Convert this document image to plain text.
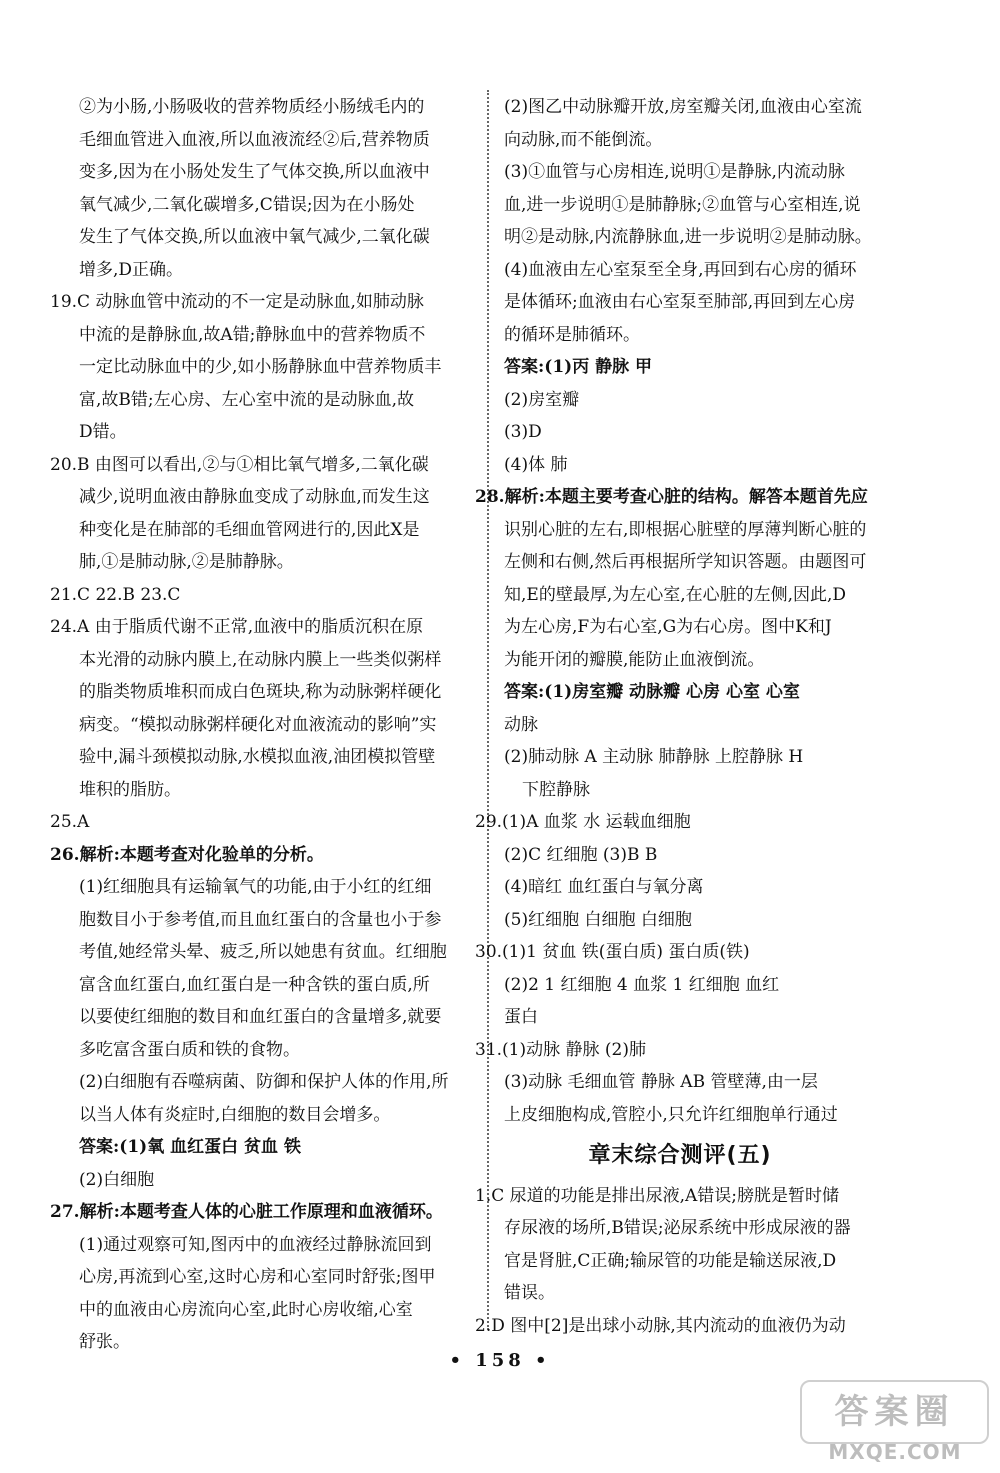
②为小肠,小肠吸收的营养物质经小肠绒毛内的
毛细血管进入血液,所以血液流经②后,营养物质
变多,因为在小肠处发生了气体交换,所以血液中
氧气减少,二氧化碳增多,C错误;因为在小肠处
发生了气体交换,所以血液中氧气减少,二氧化碳
增多,D正确。
19.C 动脉血管中流动的不一定是动脉血,如肺动脉
中流的是静脉血,故A错;静脉血中的营养物质不
一定比动脉血中的少,如小肠静脉血中营养物质丰
富,故B错;左心房、左心室中流的是动脉血,故
D错。
20.B 由图可以看出,②与①相比氧气增多,二氧化碳
减少,说明血液由静脉血变成了动脉血,而发生这
种变化是在肺部的毛细血管网进行的,因此X是
肺,①是肺动脉,②是肺静脉。
21.C 22.B 23.C
24.A 由于脂质代谢不正常,血液中的脂质沉积在原
本光滑的动脉内膜上,在动脉内膜上一些类似粥样
的脂类物质堆积而成白色斑块,称为动脉粥样硬化
病变。“模拟动脉粥样硬化对血液流动的影响”实
验中,漏斗颈模拟动脉,水模拟血液,油团模拟管壁
堆积的脂肪。
25.A
26.解析:本题考查对化验单的分析。
(1)红细胞具有运输氧气的功能,由于小红的红细
胞数目小于参考值,而且血红蛋白的含量也小于参
考值,她经常头晕、疲乏,所以她患有贫血。红细胞
富含血红蛋白,血红蛋白是一种含铁的蛋白质,所
以要使红细胞的数目和血红蛋白的含量增多,就要
多吃富含蛋白质和铁的食物。
(2)白细胞有吞噬病菌、防御和保护人体的作用,所
以当人体有炎症时,白细胞的数目会增多。
答案:(1)氧 血红蛋白 贫血 铁
(2)白细胞
27.解析:本题考查人体的心脏工作原理和血液循环。
(1)通过观察可知,图丙中的血液经过静脉流回到
心房,再流到心室,这时心房和心室同时舒张;图甲
中的血液由心房流向心室,此时心房收缩,心室
舒张。
(2)图乙中动脉瓣开放,房室瓣关闭,血液由心室流
向动脉,而不能倒流。
(3)①血管与心房相连,说明①是静脉,内流动脉
血,进一步说明①是肺静脉;②血管与心室相连,说
明②是动脉,内流静脉血,进一步说明②是肺动脉。
(4)血液由左心室泵至全身,再回到右心房的循环
是体循环;血液由右心室泵至肺部,再回到左心房
的循环是肺循环。
答案:(1)丙 静脉 甲
(2)房室瓣
(3)D
(4)体 肺
28.解析:本题主要考查心脏的结构。解答本题首先应
识别心脏的左右,即根据心脏壁的厚薄判断心脏的
左侧和右侧,然后再根据所学知识答题。由题图可
知,E的壁最厚,为左心室,在心脏的左侧,因此,D
为左心房,F为右心室,G为右心房。图中K和J
为能开闭的瓣膜,能防止血液倒流。
答案:(1)房室瓣 动脉瓣 心房 心室 心室
动脉
(2)肺动脉 A 主动脉 肺静脉 上腔静脉 H
下腔静脉
29.(1)A 血浆 水 运载血细胞
(2)C 红细胞 (3)B B
(4)暗红 血红蛋白与氧分离
(5)红细胞 白细胞 白细胞
30.(1)1 贫血 铁(蛋白质) 蛋白质(铁)
(2)2 1 红细胞 4 血浆 1 红细胞 血红
蛋白
31.(1)动脉 静脉 (2)肺
(3)动脉 毛细血管 静脉 AB 管壁薄,由一层
上皮细胞构成,管腔小,只允许红细胞单行通过
章末综合测评(五)
1.C 尿道的功能是排出尿液,A错误;膀胱是暂时储
存尿液的场所,B错误;泌尿系统中形成尿液的器
官是肾脏,C正确;输尿管的功能是输送尿液,D
错误。
2.D 图中[2]是出球小动脉,其内流动的血液仍为动
• 158 •
答案圈
MXQE.COM
